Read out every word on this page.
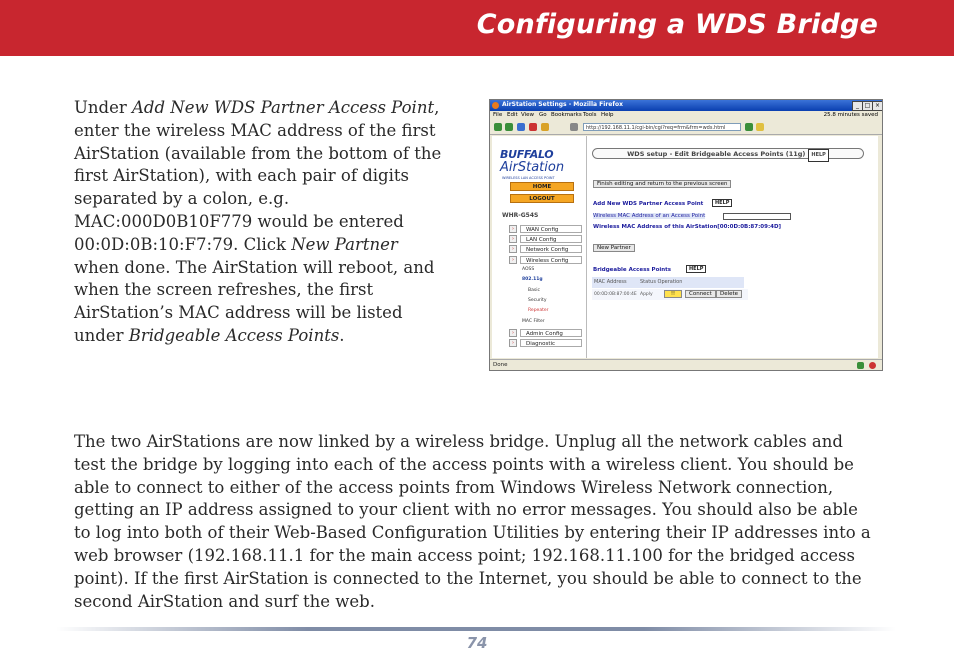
Configuring a WDS Bridge
Under Add New WDS Partner Access Point, enter the wireless MAC address of the first AirStation (available from the bottom of the first AirStation), with each pair of digits separated by a colon, e.g. MAC:000D0B10F779 would be entered 00:0D:0B:10:F7:79. Click New Partner when done. The AirStation will reboot, and when the screen refreshes, the first AirStation’s MAC address will be listed under Bridgeable Access Points.
AirStation Settings - Mozilla Firefox	_ □ ×
File Edit View Go Bookmarks Tools Help	25.8 minutes saved
http://192.168.11.1/cgi-bin/cgi?req=frm&frm=wds.html
BUFFALO
AirStation
WIRELESS LAN ACCESS POINT
HOME
LOGOUT
WHR-G54S
›	WAN Config
›	LAN Config
›	Network Config
›	Wireless Config
AOSS
802.11g
Basic
Security
Repeater
MAC Filter
›	Admin Config
›	Diagnostic
WDS setup - Edit Bridgeable Access Points (11g) HELP
Finish editing and return to the previous screen
Add New WDS Partner Access Point	HELP
Wireless MAC Address of an Access Point
Wireless MAC Address of this AirStation[00:0D:0B:87:09:4D]
New Partner
Bridgeable Access Points	HELP
MAC Address	Status Operation
00:0D:0B:87:00:4E Apply	!!	Connect	Delete
Done
The two AirStations are now linked by a wireless bridge. Unplug all the network cables and test the bridge by logging into each of the access points with a wireless client. You should be able to connect to either of the access points from Windows Wireless Network connection, getting an IP address assigned to your client with no error messages. You should also be able to log into both of their Web-Based Configuration Utilities by entering their IP addresses into a web browser (192.168.11.1 for the main access point; 192.168.11.100 for the bridged access point). If the first AirStation is connected to the Internet, you should be able to connect to the second AirStation and surf the web.
74
